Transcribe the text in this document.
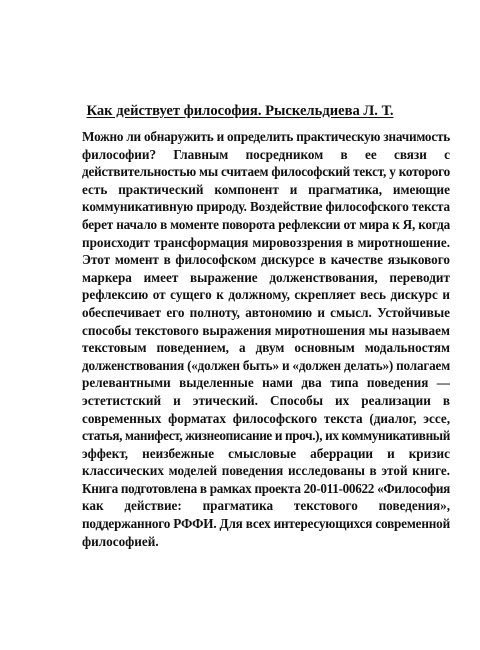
Как действует философия. Рыскельдиева Л. Т.
Можно ли обнаружить и определить практическую значимость
философии? Главным посредником в ее связи с
действительностью мы считаем философский текст, у которого
есть практический компонент и прагматика, имеющие
коммуникативную природу. Воздействие философского текста
берет начало в моменте поворота рефлексии от мира к Я, когда
происходит трансформация мировоззрения в миротношение.
Этот момент в философском дискурсе в качестве языкового
маркера имеет выражение долженствования, переводит
рефлексию от сущего к должному, скрепляет весь дискурс и
обеспечивает его полноту, автономию и смысл. Устойчивые
способы текстового выражения миротношения мы называем
текстовым поведением, а двум основным модальностям
долженствования («должен быть» и «должен делать») полагаем
релевантными выделенные нами два типа поведения —
эстетистский и этический. Способы их реализации в
современных форматах философского текста (диалог, эссе,
статья, манифест, жизнеописание и проч.), их коммуникативный
эффект, неизбежные смысловые аберрации и кризис
классических моделей поведения исследованы в этой книге.
Книга подготовлена в рамках проекта 20-011-00622 «Философия
как действие: прагматика текстового поведения»,
поддержанного РФФИ. Для всех интересующихся современной
философией.
